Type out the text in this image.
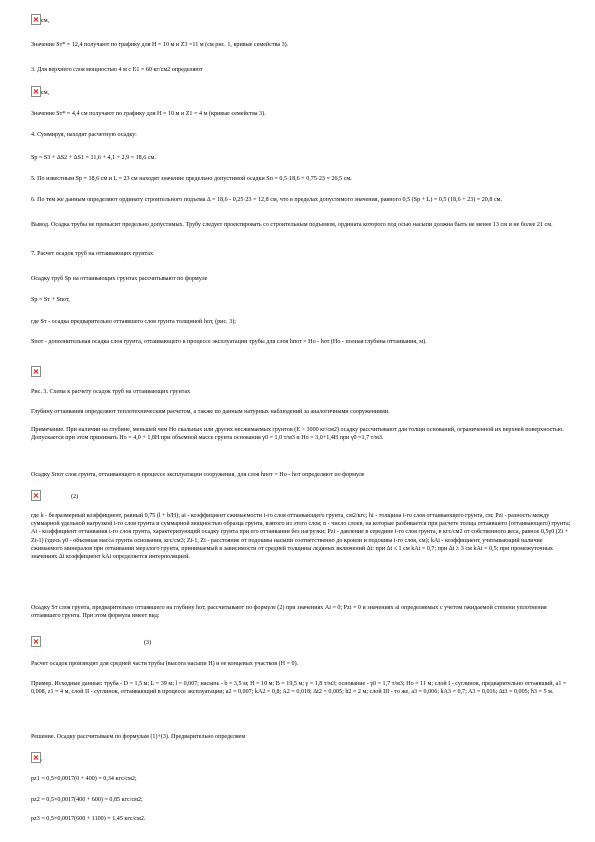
см,

Значение Sт* = 12,4 получают по графику для H = 10 м и Z3 =11 м (см рис. 1, кривые семейства 3).

3. Для верхнего слоя мощностью 4 м с Е1 = 60 кг/см2 определяют

см,

Значение Sт* = 4,4 см получают по графику для H = 10 м и Z1 = 4 м (кривые семейства 3).

4. Суммируя, находят расчетную осадку:

Sp = S3 + ΔS2 + ΔS1 = 11,6 + 4,1 + 2,9 = 18,6 см.

5. По известным Sp = 18,6 см и L = 23 см находят значение предельно допустимой осадки Sп = 0,5·18,6 + 0,75·23 = 26,5 см.

6. По тем же данным определяют ординату строительного подъема Δ = 18,6 - 0,25·23 = 12,8 см, что в пределах допустимого значения, равного 0,5 (Sp + L) = 0,5 (18,6 + 23) = 20,8 см.

Вывод. Осадка трубы не превысит предельно допустимых. Трубу следует проектировать со строительным подъемом, ордината которого под осью насыпи должна быть не менее 13 см и не более 21 см.

7. Расчет осадок труб на оттаивающих грунтах

Осадку труб Sp на оттаивающих грунтах рассчитывают по формуле

Sp = Sт + Sпот,

где Sт - осадка предварительно оттаявшего слоя грунта толщиной hот, (рис. 3);

Sпот - дополнительная осадка слоя грунта, оттаивающего в процессе эксплуатации трубы для слоя hпот = Hо - hот (Hо - полная глубина оттаивания, м).

Рис. 3. Схема к расчету осадок труб на оттаивающих грунтах

Глубину оттаивания определяют теплотехническим расчетом, а также по данным натурных наблюдений за аналогичными сооружениями.

Примечание. При наличии на глубине, меньшей чем Hо скальных или других несжимаемых грунтов (Е > 1000 кг/см2) осадку рассчитывают для толщи оснований, ограниченной их верхней поверхностью. Допускается при этом принимать Hо = 4,0 + 1,8H при объемной массе грунта основания γ0 = 1,0 т/м3 и Hо = 3,0+1,4H при γ0 =1,7 т/м3.

Осадку Sпот слоя грунта, оттаивающего в процессе эксплуатации сооружения, для слоя hпот = Hо - hот определяют по формуле

(2)

где k - безразмерный коэффициент, равный 0,75 (l + b/H); ai - коэффициент сжимаемости i-го слоя оттаивающего грунта, см2/кгс; hi - толщина i-го слоя оттаивающего грунта, см; Pzi - разность между суммарной удельной нагрузкой i-го слоя грунта и суммарной мощностью образца грунта, взятого из этого слоя; n - число слоев, на которые разбивается при расчете толща оттаявшего (оттаивающего) грунта; Ai - коэффициент оттаивания i-го слоя грунта, характеризующий осадку грунта при его оттаивании без нагрузки; Pzi - давление в середине i-го слоя грунта, в кгс/см2 от собственного веса, равное 0,5γ0 (Zi + Zi-1) (здесь γ0 - объемная масса грунта основания, кгс/см3; Zi-1, Zi - расстояние от подошвы насыпи соответственно до кровли и подошвы i-го слоя, см); kAi - коэффициент, учитывающий наличие сжимаемого минералов при оттаивании мерзлого грунта, принимаемый в зависимости от средней толщины ледяных включений Δt: при Δt ≤ 1 см kAi = 0,7; при Δt ≥ 3 см kAi = 0,5; при промежуточных значениях Δt коэффициент kAi определяется интерполяцией.

Осадку Sт слоя грунта, предварительно оттаявшего на глубину hот, рассчитывают по формуле (2) при значениях Ai = 0; Pzi = 0 и значениях ai определяемых с учетом ожидаемой степени уплотнения оттаявшего грунта. При этом формула имеет вид:

(3)

Расчет осадок производят для средней части трубы (высота насыпи H) и ее концевых участков (H = 0).

Пример. Исходные данные: труба - D = 1,5 м; L = 39 м; l = 0,007; насыпь - b = 3,5 м; H = 10 м; B = 19,5 м; γ = 1,8 т/м3; основание - γ0 = 1,7 т/м3; Hо = 11 м; слой I - суглинок, предварительно оттаявший, a1 = 0,008, z1 = 4 м, слой II - суглинок, оттаивающий в процессе эксплуатации; a2 = 0,007; kA2 = 0,8; A2 = 0,018; Δt2 = 0,005; h2 = 2 м; слой III - то же, a3 = 0,006; kA3 = 0,7; A3 = 0,016; Δt3 = 0,005; h3 = 5 м.

Решение. Осадку рассчитываем по формулам (1)+(3). Предварительно определяем

,

pz1 = 0,5×0,0017(0 + 400) = 0,34 кгс/см2;

pz2 = 0,5×0,0017(400 + 600) = 0,85 кгс/см2;

pz3 = 0,5×0,0017(600 + 1100) = 1,45 кгс/см2.
